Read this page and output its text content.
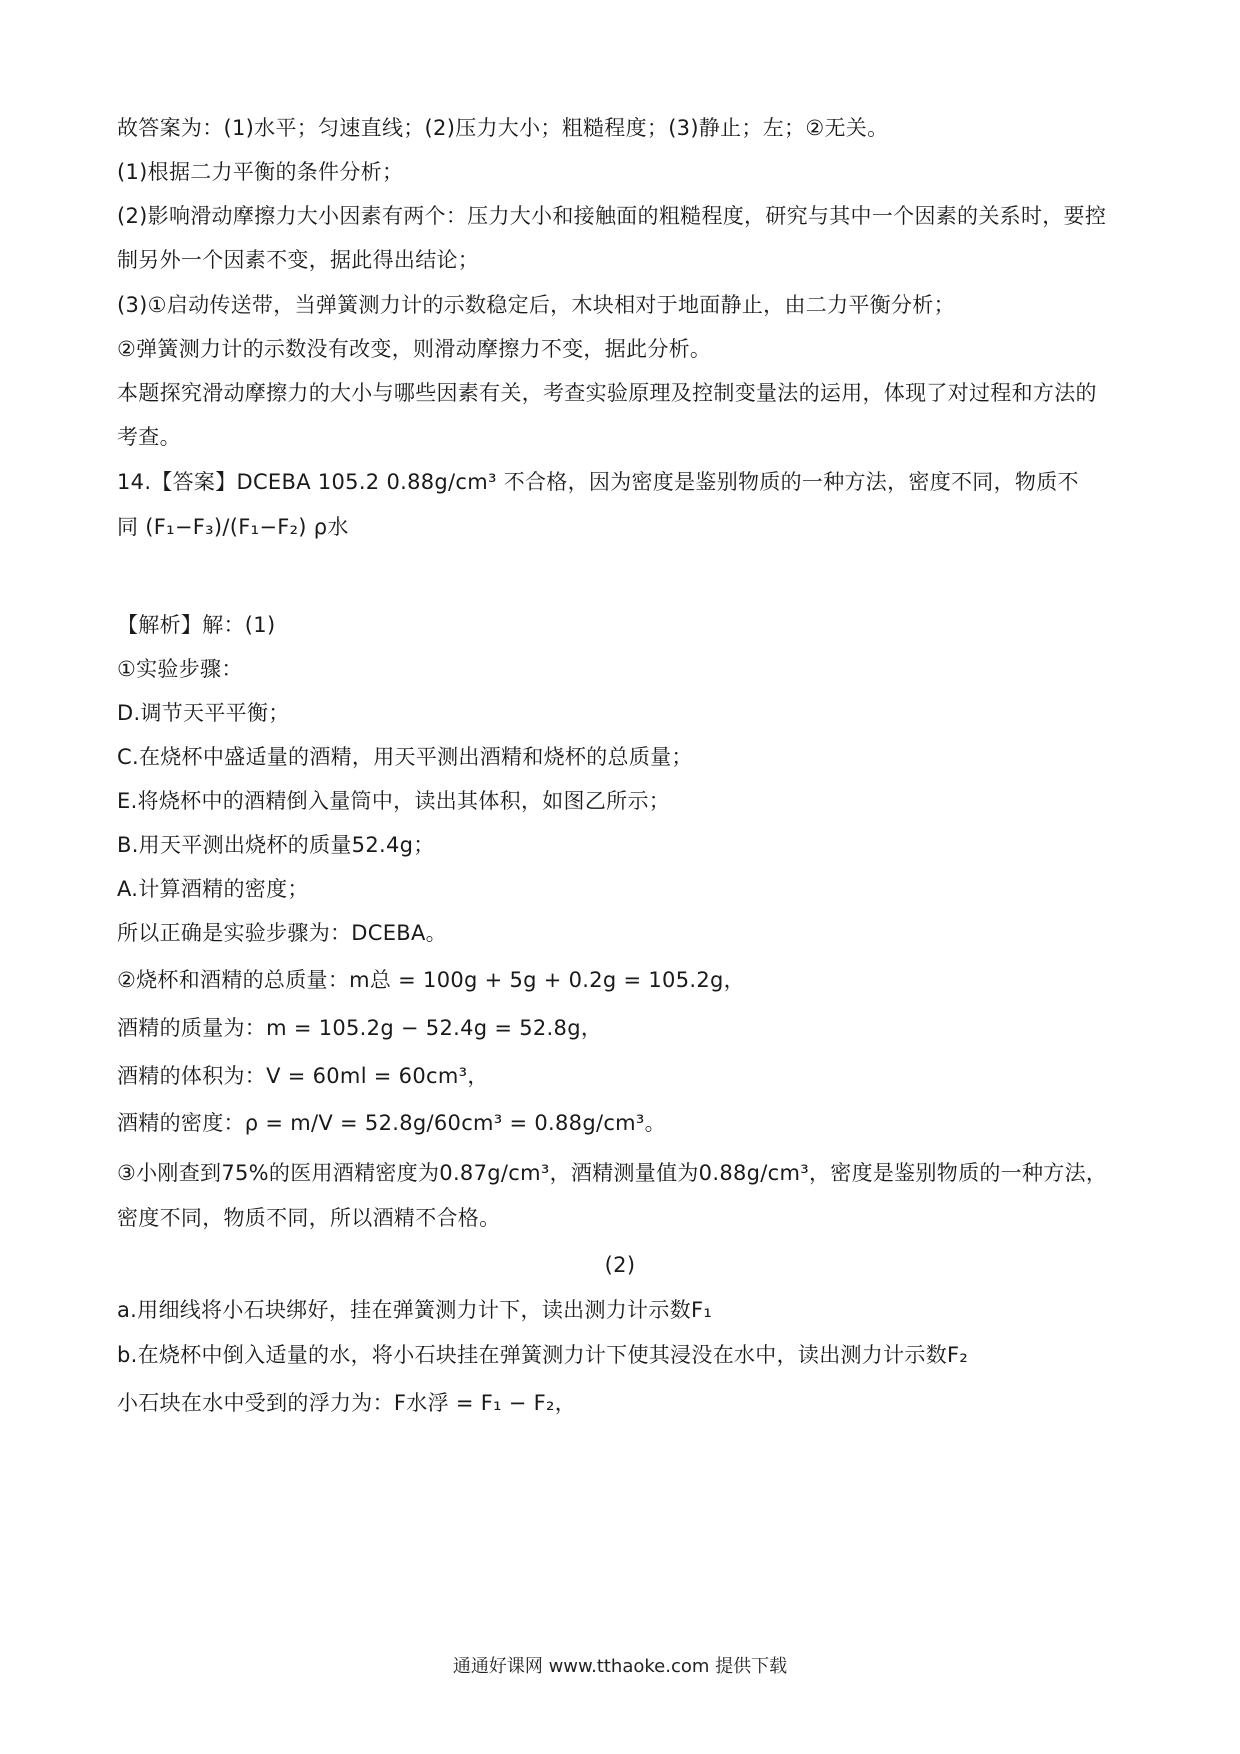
故答案为：(1)水平；匀速直线；(2)压力大小；粗糙程度；(3)静止；左；②无关。
(1)根据二力平衡的条件分析；
(2)影响滑动摩擦力大小因素有两个：压力大小和接触面的粗糙程度，研究与其中一个因素的关系时，要控
制另外一个因素不变，据此得出结论；
(3)①启动传送带，当弹簧测力计的示数稳定后，木块相对于地面静止，由二力平衡分析；
②弹簧测力计的示数没有改变，则滑动摩擦力不变，据此分析。
本题探究滑动摩擦力的大小与哪些因素有关，考查实验原理及控制变量法的运用，体现了对过程和方法的
考查。
14.【答案】DCEBA 105.2 0.88g/cm³ 不合格，因为密度是鉴别物质的一种方法，密度不同，物质不
同 (F₁−F₃)/(F₁−F₂) ρ水
【解析】解：(1)
①实验步骤：
D.调节天平平衡；
C.在烧杯中盛适量的酒精，用天平测出酒精和烧杯的总质量；
E.将烧杯中的酒精倒入量筒中，读出其体积，如图乙所示；
B.用天平测出烧杯的质量52.4g；
A.计算酒精的密度；
所以正确是实验步骤为：DCEBA。
②烧杯和酒精的总质量：m总 = 100g + 5g + 0.2g = 105.2g，
酒精的质量为：m = 105.2g − 52.4g = 52.8g，
酒精的体积为：V = 60ml = 60cm³，
酒精的密度：ρ = m/V = 52.8g/60cm³ = 0.88g/cm³。
③小刚查到75%的医用酒精密度为0.87g/cm³，酒精测量值为0.88g/cm³，密度是鉴别物质的一种方法，
密度不同，物质不同，所以酒精不合格。
(2)
a.用细线将小石块绑好，挂在弹簧测力计下，读出测力计示数F₁
b.在烧杯中倒入适量的水，将小石块挂在弹簧测力计下使其浸没在水中，读出测力计示数F₂
小石块在水中受到的浮力为：F水浮 = F₁ − F₂，
通通好课网 www.tthaoke.com 提供下载
